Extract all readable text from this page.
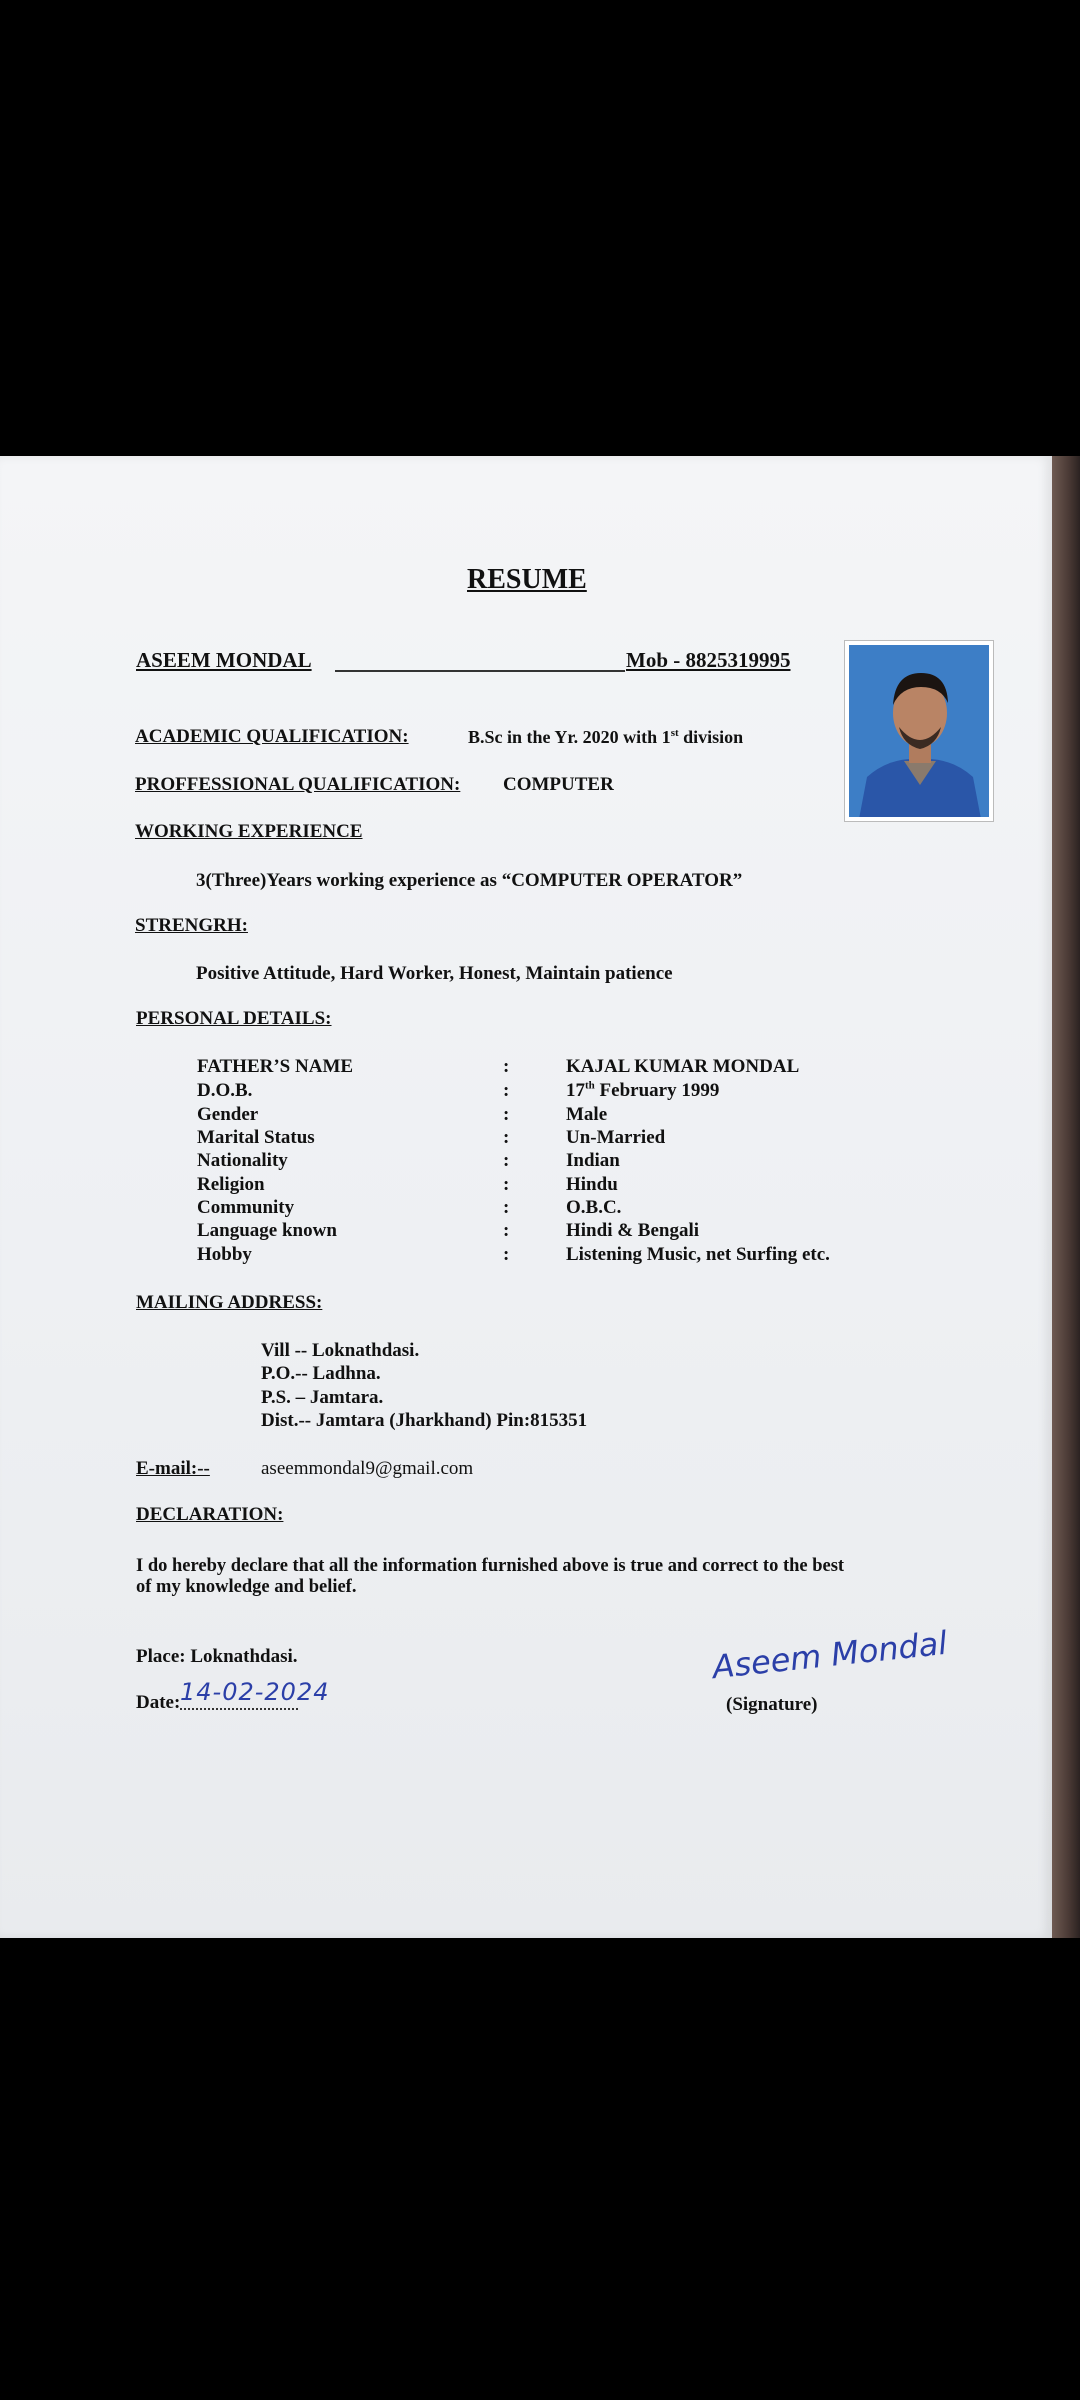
RESUME
ASEEM MONDAL	Mob - 8825319995
ACADEMIC QUALIFICATION:	B.Sc in the Yr. 2020 with 1st division
PROFFESSIONAL QUALIFICATION: COMPUTER
WORKING EXPERIENCE
3(Three)Years working experience as “COMPUTER OPERATOR”
STRENGRH:
Positive Attitude, Hard Worker, Honest, Maintain patience
PERSONAL DETAILS:
FATHER’S NAME	:	KAJAL KUMAR MONDAL
D.O.B.	:	17th February 1999
Gender	:	Male
Marital Status	:	Un-Married
Nationality	:	Indian
Religion	:	Hindu
Community	:	O.B.C.
Language known	:	Hindi & Bengali
Hobby	:	Listening Music, net Surfing etc.
MAILING ADDRESS:
Vill -- Loknathdasi.
P.O.-- Ladhna.
P.S. – Jamtara.
Dist.-- Jamtara (Jharkhand) Pin:815351
E-mail:--	aseemmondal9@gmail.com
DECLARATION:
I do hereby declare that all the information furnished above is true and correct to the best
of my knowledge and belief.
Place: Loknathdasi.
Date: 14-02-2024
Aseem Mondal
(Signature)
